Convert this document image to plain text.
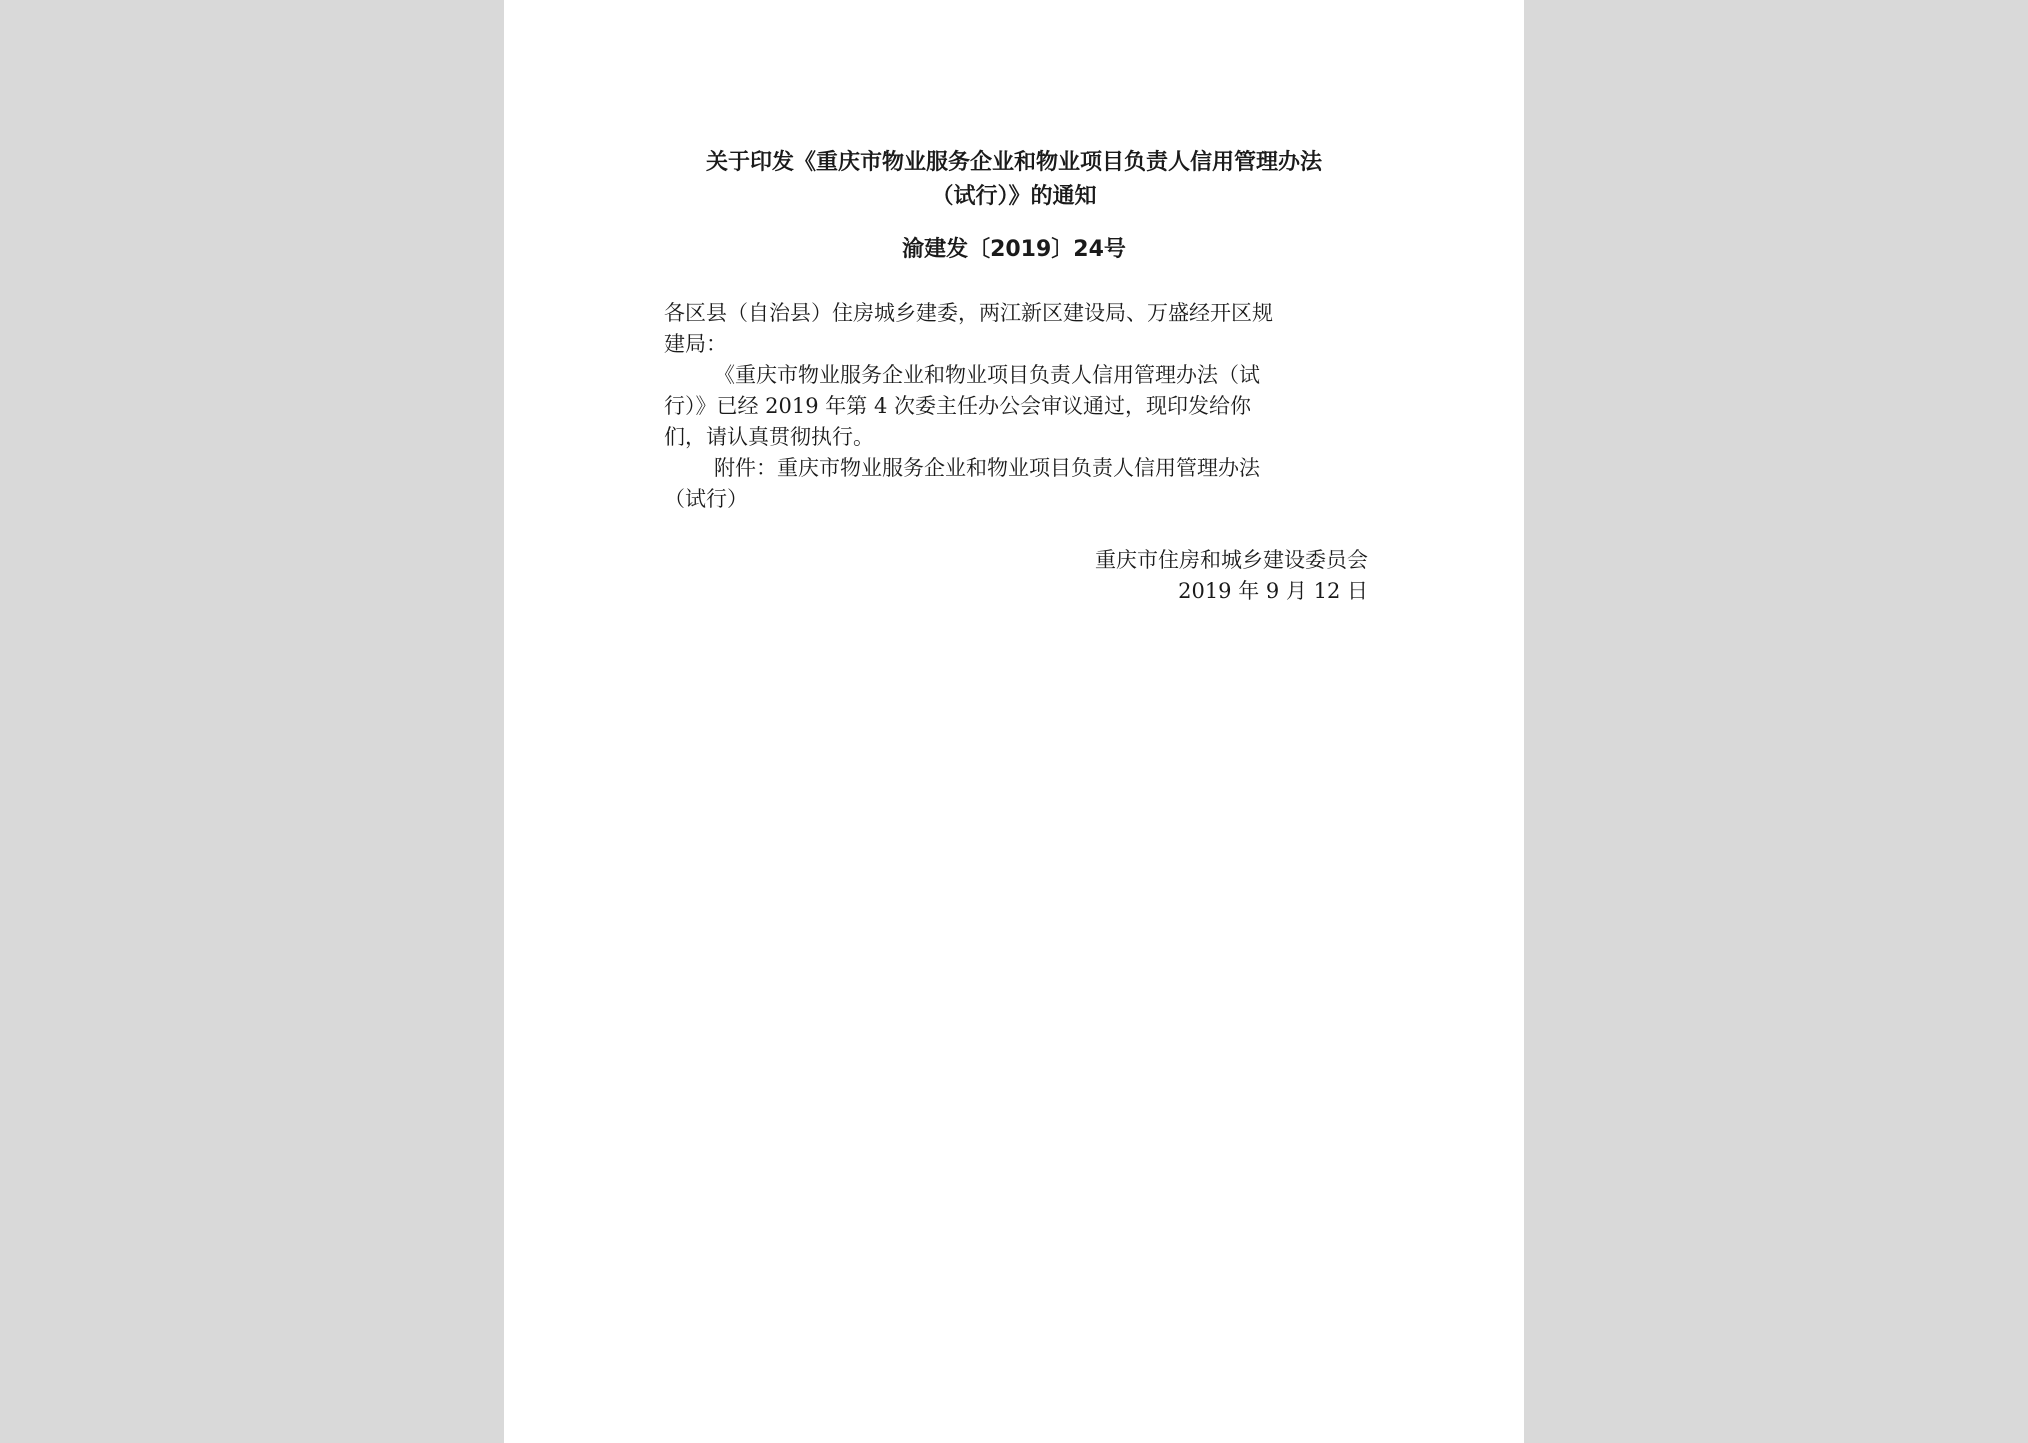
关于印发《重庆市物业服务企业和物业项目负责人信用管理办法
（试行）》的通知
渝建发〔2019〕24号
各区县（自治县）住房城乡建委，两江新区建设局、万盛经开区规
建局：
《重庆市物业服务企业和物业项目负责人信用管理办法（试
行）》已经 2019 年第 4 次委主任办公会审议通过，现印发给你
们，请认真贯彻执行。
附件：重庆市物业服务企业和物业项目负责人信用管理办法
（试行）
重庆市住房和城乡建设委员会
2019 年 9 月 12 日
